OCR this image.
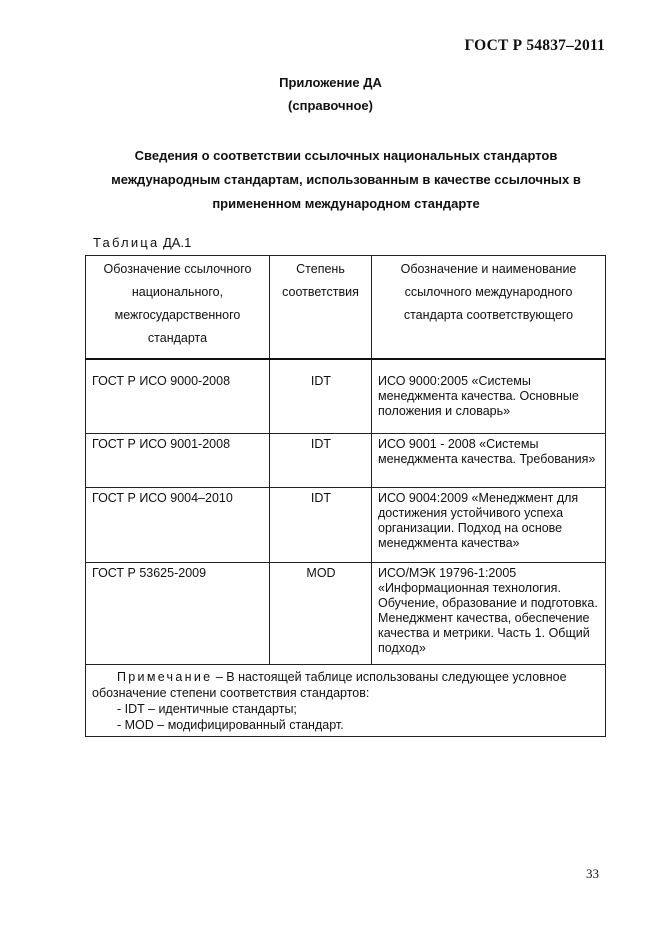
ГОСТ Р 54837–2011
Приложение ДА
(справочное)
Сведения о соответствии ссылочных национальных стандартов международным стандартам, использованным в качестве ссылочных в примененном международном стандарте
Таблица ДА.1
Обозначение ссылочного национального, межгосударственного стандарта	Степень соответствия	Обозначение и наименование ссылочного международного стандарта соответствующего
ГОСТ Р ИСО 9000-2008	IDT	ИСО 9000:2005 «Системы менеджмента качества. Основные положения и словарь»
ГОСТ Р ИСО 9001-2008	IDT	ИСО 9001 - 2008 «Системы менеджмента качества. Требования»
ГОСТ Р ИСО 9004–2010	IDT	ИСО 9004:2009 «Менеджмент для достижения устойчивого успеха организации. Подход на основе менеджмента качества»
ГОСТ Р 53625-2009	MOD	ИСО/МЭК 19796-1:2005 «Информационная технология. Обучение, образование и подготовка. Менеджмент качества, обеспечение качества и метрики. Часть 1. Общий подход»

Примечание – В настоящей таблице использованы следующее условное обозначение степени соответствия стандартов:
- IDT – идентичные стандарты;
- MOD – модифицированный стандарт.		
33
